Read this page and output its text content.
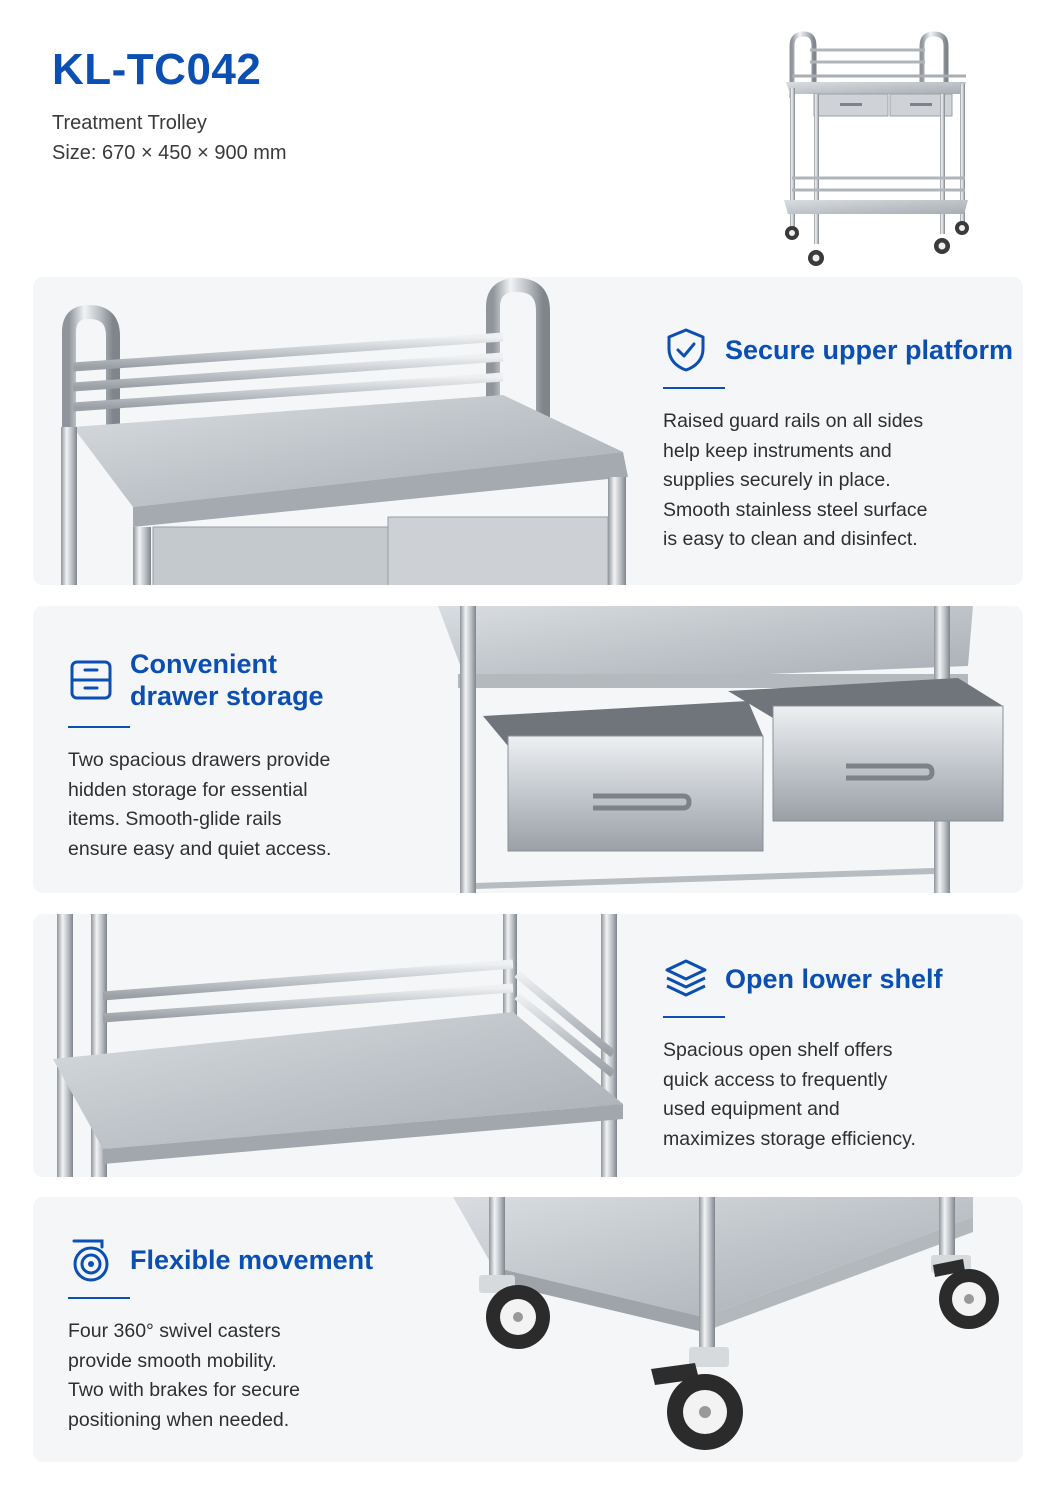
KL-TC042
Treatment Trolley
Size: 670 × 450 × 900 mm
Secure upper platform
Raised guard rails on all sides
help keep instruments and
supplies securely in place.
Smooth stainless steel surface
is easy to clean and disinfect.
Convenient
drawer storage
Two spacious drawers provide
hidden storage for essential
items. Smooth-glide rails
ensure easy and quiet access.
Open lower shelf
Spacious open shelf offers
quick access to frequently
used equipment and
maximizes storage efficiency.
Flexible movement
Four 360° swivel casters
provide smooth mobility.
Two with brakes for secure
positioning when needed.
